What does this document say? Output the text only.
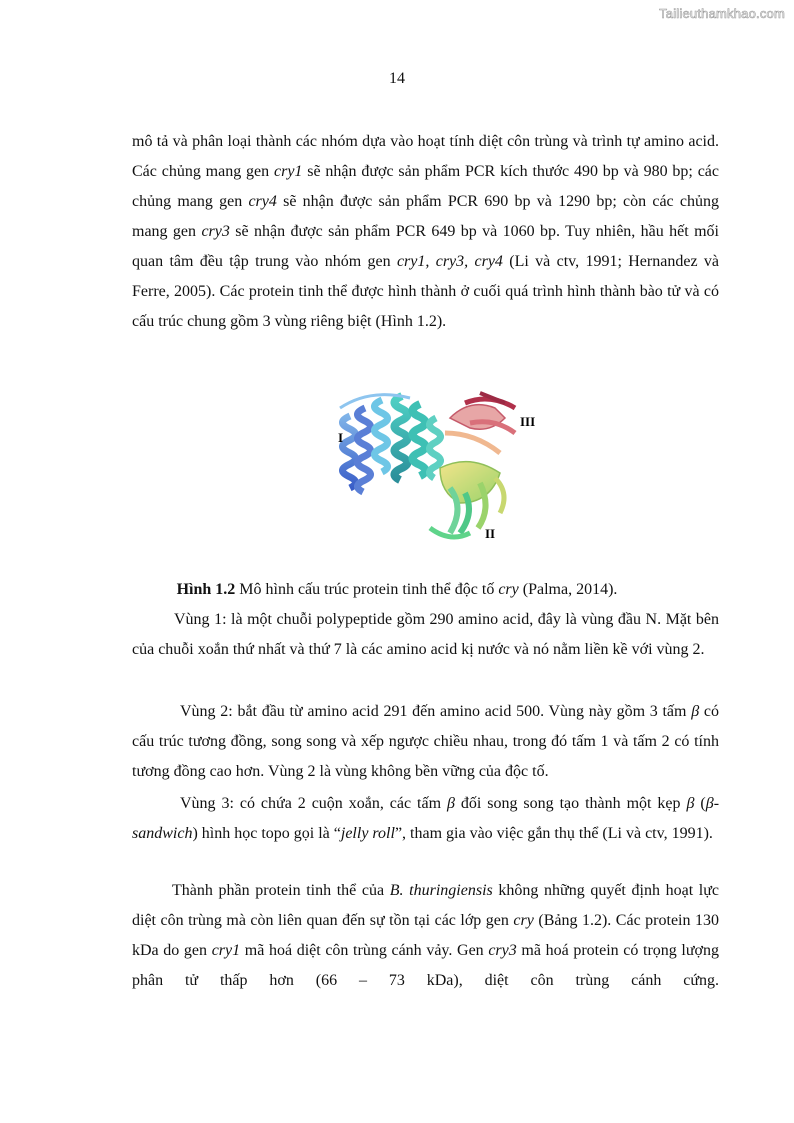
Tailieuthamkhao.com
14

mô tả và phân loại thành các nhóm dựa vào hoạt tính diệt côn trùng và trình tự amino acid. Các chủng mang gen cry1 sẽ nhận được sản phẩm PCR kích thước 490 bp và 980 bp; các chủng mang gen cry4 sẽ nhận được sản phẩm PCR 690 bp và 1290 bp; còn các chủng mang gen cry3 sẽ nhận được sản phẩm PCR 649 bp và 1060 bp. Tuy nhiên, hầu hết mối quan tâm đều tập trung vào nhóm gen cry1, cry3, cry4 (Li và ctv, 1991; Hernandez và Ferre, 2005). Các protein tinh thể được hình thành ở cuối quá trình hình thành bào tử và có cấu trúc chung gồm 3 vùng riêng biệt (Hình 1.2).

I
III
II
Hình 1.2 Mô hình cấu trúc protein tinh thể độc tố cry (Palma, 2014).

Vùng 1: là một chuỗi polypeptide gồm 290 amino acid, đây là vùng đầu N. Mặt bên của chuỗi xoắn thứ nhất và thứ 7 là các amino acid kị nước và nó nằm liền kề với vùng 2.

Vùng 2: bắt đầu từ amino acid 291 đến amino acid 500. Vùng này gồm 3 tấm β có cấu trúc tương đồng, song song và xếp ngược chiều nhau, trong đó tấm 1 và tấm 2 có tính tương đồng cao hơn. Vùng 2 là vùng không bền vững của độc tố.

Vùng 3: có chứa 2 cuộn xoắn, các tấm β đối song song tạo thành một kẹp β (β-sandwich) hình học topo gọi là “jelly roll”, tham gia vào việc gắn thụ thể (Li và ctv, 1991).

Thành phần protein tinh thể của B. thuringiensis không những quyết định hoạt lực diệt côn trùng mà còn liên quan đến sự tồn tại các lớp gen cry (Bảng 1.2). Các protein 130 kDa do gen cry1 mã hoá diệt côn trùng cánh vảy. Gen cry3 mã hoá protein có trọng lượng phân tử thấp hơn (66 – 73 kDa), diệt côn trùng cánh cứng.
